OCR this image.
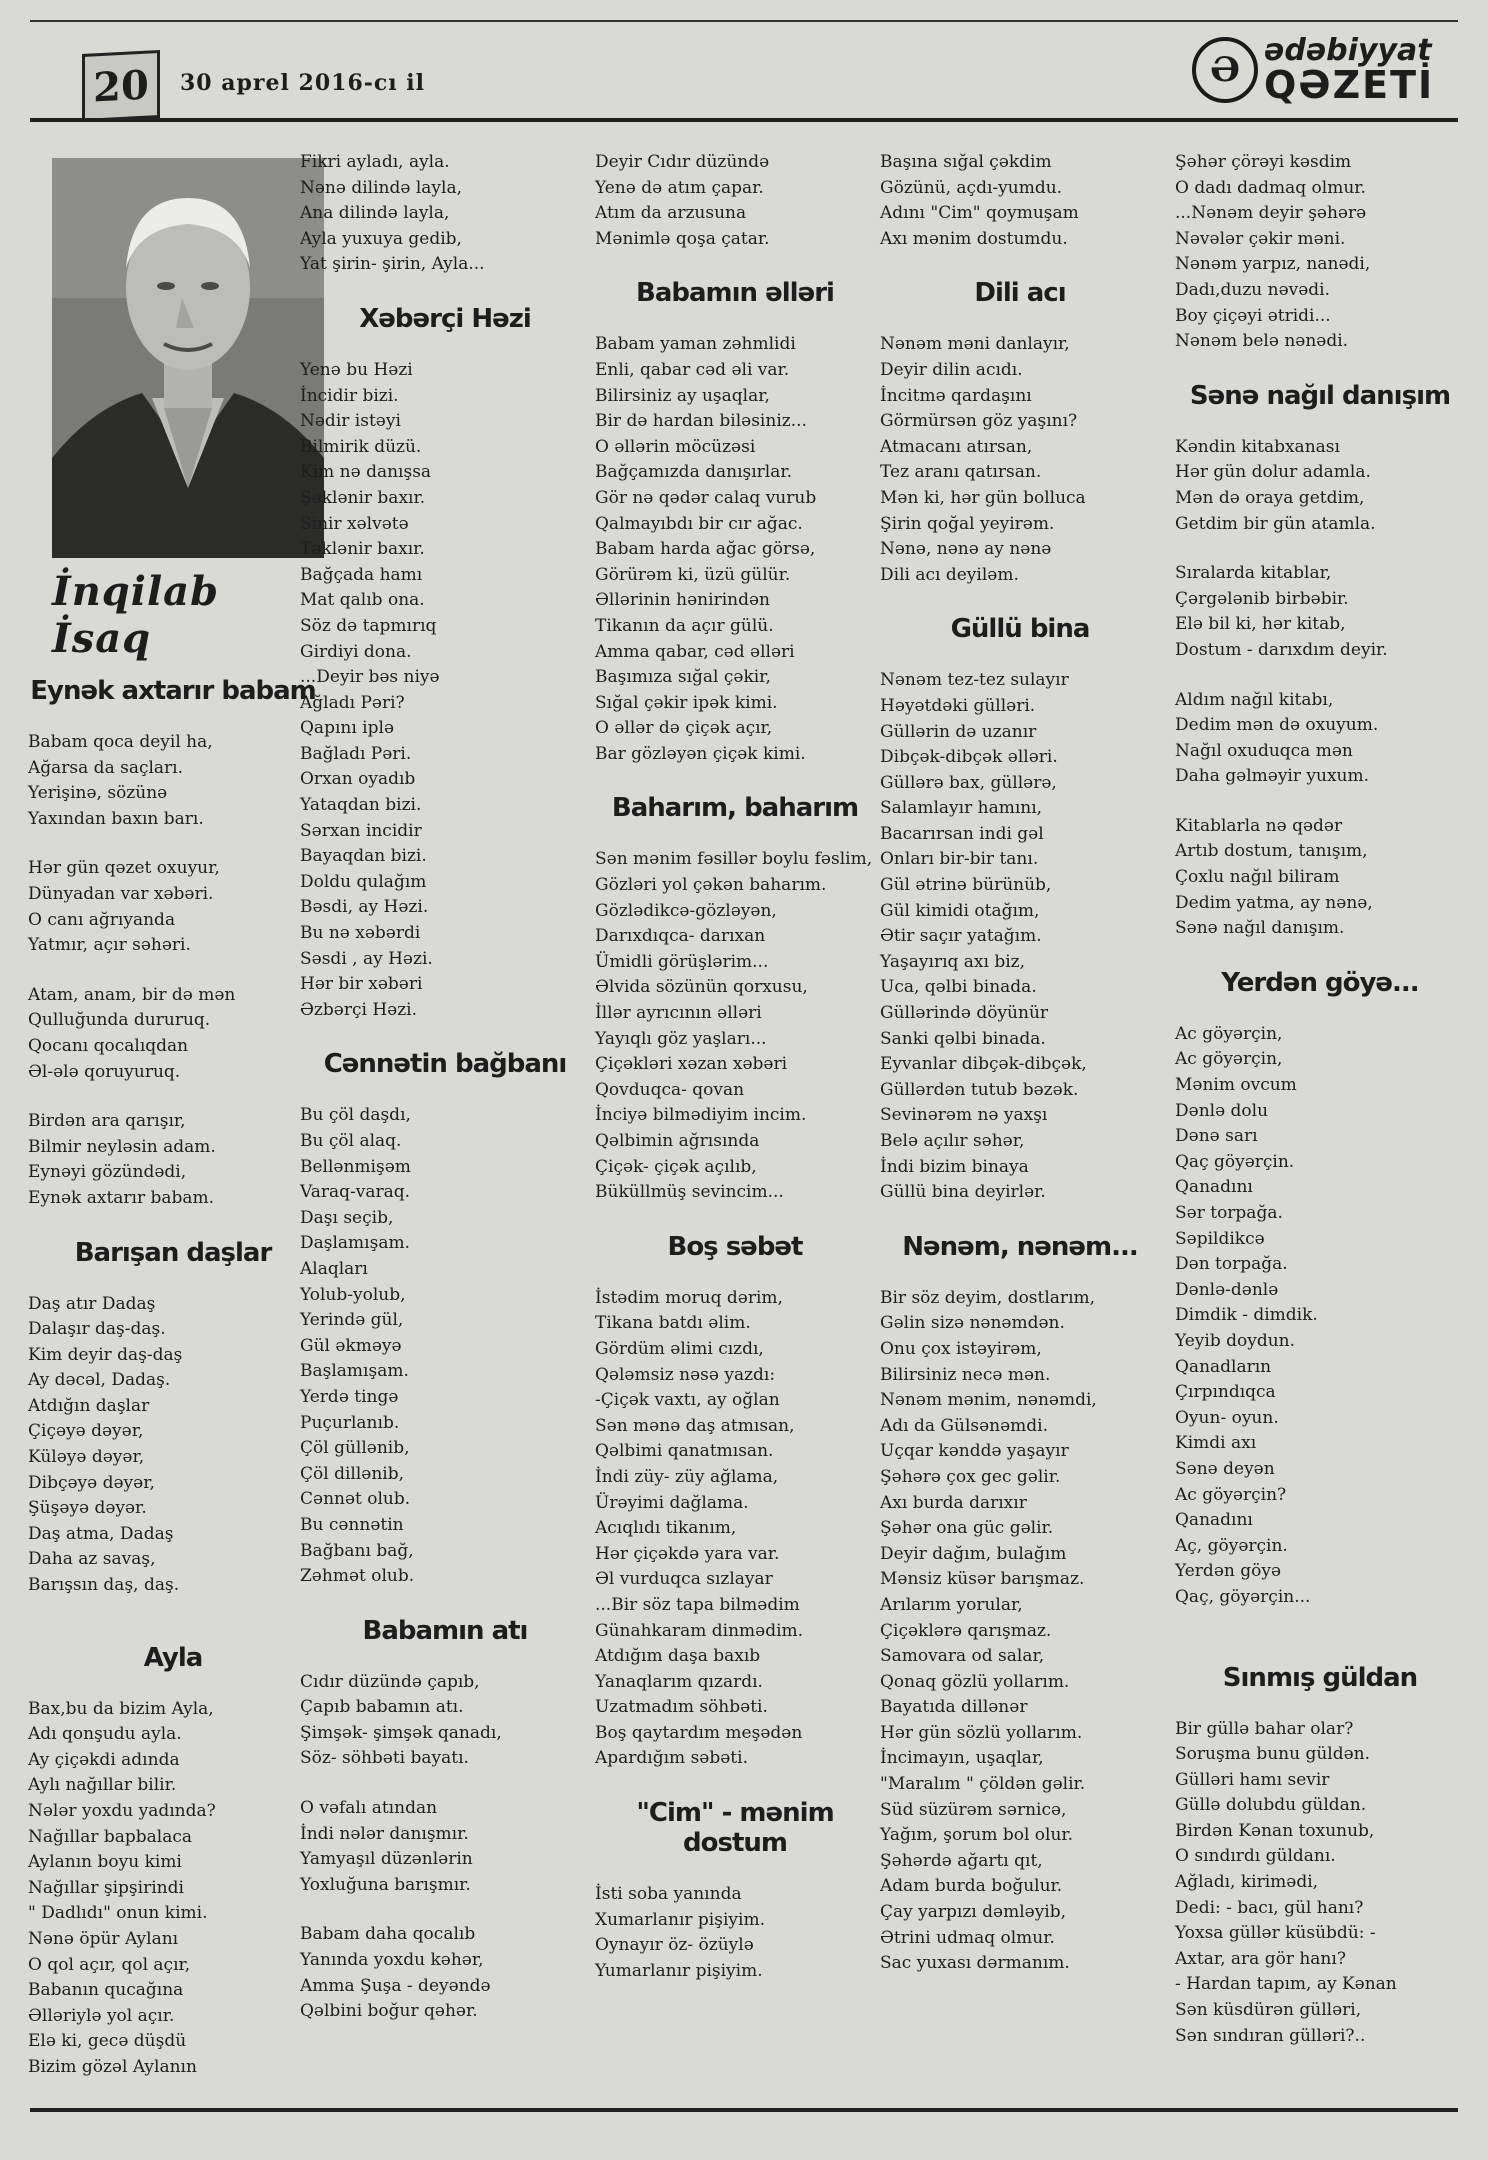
20	30 aprel 2016-cı il	Ə ədəbiyyat
QƏZETİ
İnqilab İsaq
Eynək axtarır babam
Babam qoca deyil ha,
Ağarsa da saçları.
Yerişinə, sözünə
Yaxından baxın barı.
Hər gün qəzet oxuyur,
Dünyadan var xəbəri.
O canı ağrıyanda
Yatmır, açır səhəri.
Atam, anam, bir də mən
Qulluğunda dururuq.
Qocanı qocalıqdan
Əl-ələ qoruyuruq.
Birdən ara qarışır,
Bilmir neyləsin adam.
Eynəyi gözündədi,
Eynək axtarır babam.
Barışan daşlar
Daş atır Dadaş
Dalaşır daş-daş.
Kim deyir daş-daş
Ay dəcəl, Dadaş.
Atdığın daşlar
Çiçəyə dəyər,
Küləyə dəyər,
Dibçəyə dəyər,
Şüşəyə dəyər.
Daş atma, Dadaş
Daha az savaş,
Barışsın daş, daş.
Ayla
Bax,bu da bizim Ayla,
Adı qonşudu ayla.
Ay çiçəkdi adında
Aylı nağıllar bilir.
Nələr yoxdu yadında?
Nağıllar bapbalaca
Aylanın boyu kimi
Nağıllar şipşirindi
" Dadlıdı" onun kimi.
Nənə öpür Aylanı
O qol açır, qol açır,
Babanın qucağına
Əlləriylə yol açır.
Elə ki, gecə düşdü
Bizim gözəl Aylanın
Fikri ayladı, ayla.
Nənə dilində layla,
Ana dilində layla,
Ayla yuxuya gedib,
Yat şirin- şirin, Ayla...
Xəbərçi Həzi
Yenə bu Həzi
İncidir bizi.
Nədir istəyi
Bilmirik düzü.
Kim nə danışsa
Şəklənir baxır.
Sinir xəlvətə
Təklənir baxır.
Bağçada hamı
Mat qalıb ona.
Söz də tapmırıq
Girdiyi dona.
...Deyir bəs niyə
Ağladı Pəri?
Qapını iplə
Bağladı Pəri.
Orxan oyadıb
Yataqdan bizi.
Sərxan incidir
Bayaqdan bizi.
Doldu qulağım
Bəsdi, ay Həzi.
Bu nə xəbərdi
Səsdi , ay Həzi.
Hər bir xəbəri
Əzbərçi Həzi.
Cənnətin bağbanı
Bu çöl daşdı,
Bu çöl alaq.
Bellənmişəm
Varaq-varaq.
Daşı seçib,
Daşlamışam.
Alaqları
Yolub-yolub,
Yerində gül,
Gül əkməyə
Başlamışam.
Yerdə tingə
Puçurlanıb.
Çöl güllənib,
Çöl dillənib,
Cənnət olub.
Bu cənnətin
Bağbanı bağ,
Zəhmət olub.
Babamın atı
Cıdır düzündə çapıb,
Çapıb babamın atı.
Şimşək- şimşək qanadı,
Söz- söhbəti bayatı.
O vəfalı atından
İndi nələr danışmır.
Yamyaşıl düzənlərin
Yoxluğuna barışmır.
Babam daha qocalıb
Yanında yoxdu kəhər,
Amma Şuşa - deyəndə
Qəlbini boğur qəhər.
Deyir Cıdır düzündə
Yenə də atım çapar.
Atım da arzusuna
Mənimlə qoşa çatar.
Babamın əlləri
Babam yaman zəhmlidi
Enli, qabar cəd əli var.
Bilirsiniz ay uşaqlar,
Bir də hardan biləsiniz...
O əllərin möcüzəsi
Bağçamızda danışırlar.
Gör nə qədər calaq vurub
Qalmayıbdı bir cır ağac.
Babam harda ağac görsə,
Görürəm ki, üzü gülür.
Əllərinin hənirindən
Tikanın da açır gülü.
Amma qabar, cəd əlləri
Başımıza sığal çəkir,
Sığal çəkir ipək kimi.
O əllər də çiçək açır,
Bar gözləyən çiçək kimi.
Baharım, baharım
Sən mənim fəsillər boylu fəslim,
Gözləri yol çəkən baharım.
Gözlədikcə-gözləyən,
Darıxdıqca- darıxan
Ümidli görüşlərim...
Əlvida sözünün qorxusu,
İllər ayrıcının əlləri
Yayıqlı göz yaşları...
Çiçəkləri xəzan xəbəri
Qovduqca- qovan
İnciyə bilmədiyim incim.
Qəlbimin ağrısında
Çiçək- çiçək açılıb,
Büküllmüş sevincim...
Boş səbət
İstədim moruq dərim,
Tikana batdı əlim.
Gördüm əlimi cızdı,
Qələmsiz nəsə yazdı:
-Çiçək vaxtı, ay oğlan
Sən mənə daş atmısan,
Qəlbimi qanatmısan.
İndi züy- züy ağlama,
Ürəyimi dağlama.
Acıqlıdı tikanım,
Hər çiçəkdə yara var.
Əl vurduqca sızlayar
...Bir söz tapa bilmədim
Günahkaram dinmədim.
Atdığım daşa baxıb
Yanaqlarım qızardı.
Uzatmadım söhbəti.
Boş qaytardım meşədən
Apardığım səbəti.
"Cim" - mənim dostum
İsti soba yanında
Xumarlanır pişiyim.
Oynayır öz- özüylə
Yumarlanır pişiyim.
Başına sığal çəkdim
Gözünü, açdı-yumdu.
Adını "Cim" qoymuşam
Axı mənim dostumdu.
Dili acı
Nənəm məni danlayır,
Deyir dilin acıdı.
İncitmə qardaşını
Görmürsən göz yaşını?
Atmacanı atırsan,
Tez aranı qatırsan.
Mən ki, hər gün bolluca
Şirin qoğal yeyirəm.
Nənə, nənə ay nənə
Dili acı deyiləm.
Güllü bina
Nənəm tez-tez sulayır
Həyətdəki gülləri.
Güllərin də uzanır
Dibçək-dibçək əlləri.
Güllərə bax, güllərə,
Salamlayır hamını,
Bacarırsan indi gəl
Onları bir-bir tanı.
Gül ətrinə bürünüb,
Gül kimidi otağım,
Ətir saçır yatağım.
Yaşayırıq axı biz,
Uca, qəlbi binada.
Güllərində döyünür
Sanki qəlbi binada.
Eyvanlar dibçək-dibçək,
Güllərdən tutub bəzək.
Sevinərəm nə yaxşı
Belə açılır səhər,
İndi bizim binaya
Güllü bina deyirlər.
Nənəm, nənəm...
Bir söz deyim, dostlarım,
Gəlin sizə nənəmdən.
Onu çox istəyirəm,
Bilirsiniz necə mən.
Nənəm mənim, nənəmdi,
Adı da Gülsənəmdi.
Uçqar kənddə yaşayır
Şəhərə çox gec gəlir.
Axı burda darıxır
Şəhər ona güc gəlir.
Deyir dağım, bulağım
Mənsiz küsər barışmaz.
Arılarım yorular,
Çiçəklərə qarışmaz.
Samovara od salar,
Qonaq gözlü yollarım.
Bayatıda dillənər
Hər gün sözlü yollarım.
İncimayın, uşaqlar,
"Maralım " çöldən gəlir.
Süd süzürəm sərnicə,
Yağım, şorum bol olur.
Şəhərdə ağartı qıt,
Adam burda boğulur.
Çay yarpızı dəmləyib,
Ətrini udmaq olmur.
Sac yuxası dərmanım.
Şəhər çörəyi kəsdim
O dadı dadmaq olmur.
...Nənəm deyir şəhərə
Nəvələr çəkir məni.
Nənəm yarpız, nanədi,
Dadı,duzu nəvədi.
Boy çiçəyi ətridi...
Nənəm belə nənədi.
Sənə nağıl danışım
Kəndin kitabxanası
Hər gün dolur adamla.
Mən də oraya getdim,
Getdim bir gün atamla.
Sıralarda kitablar,
Çərgələnib birbəbir.
Elə bil ki, hər kitab,
Dostum - darıxdım deyir.
Aldım nağıl kitabı,
Dedim mən də oxuyum.
Nağıl oxuduqca mən
Daha gəlməyir yuxum.
Kitablarla nə qədər
Artıb dostum, tanışım,
Çoxlu nağıl biliram
Dedim yatma, ay nənə,
Sənə nağıl danışım.
Yerdən göyə...
Ac göyərçin,
Ac göyərçin,
Mənim ovcum
Dənlə dolu
Dənə sarı
Qaç göyərçin.
Qanadını
Sər torpağa.
Səpildikcə
Dən torpağa.
Dənlə-dənlə
Dimdik - dimdik.
Yeyib doydun.
Qanadların
Çırpındıqca
Oyun- oyun.
Kimdi axı
Sənə deyən
Ac göyərçin?
Qanadını
Aç, göyərçin.
Yerdən göyə
Qaç, göyərçin...
Sınmış güldan
Bir güllə bahar olar?
Soruşma bunu güldən.
Gülləri hamı sevir
Güllə dolubdu güldan.
Birdən Kənan toxunub,
O sındırdı güldanı.
Ağladı, kirimədi,
Dedi: - bacı, gül hanı?
Yoxsa güllər küsübdü: -
Axtar, ara gör hanı?
- Hardan tapım, ay Kənan
Sən küsdürən gülləri,
Sən sındıran gülləri?..
